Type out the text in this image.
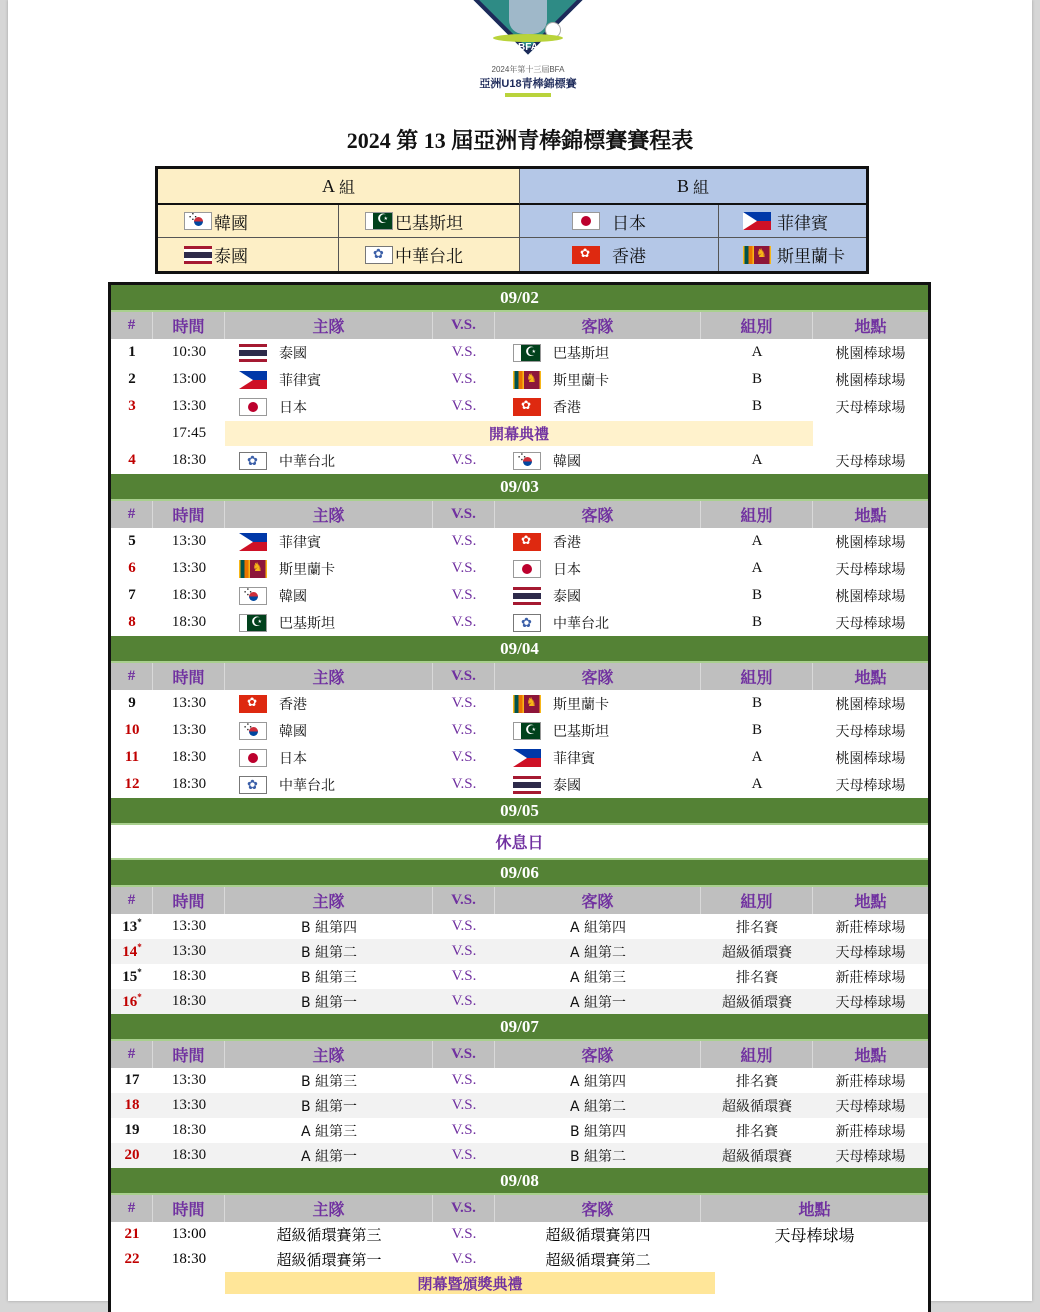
BFA
2024年第十三屆BFA
亞洲U18青棒錦標賽
2024 第 13 屆亞洲青棒錦標賽賽程表
A 組	B 組
⁘
韓國 ☪	巴基斯坦	日本	菲律賓
泰國 ✿	中華台北 ✿	香港 ♞	斯里蘭卡
09/02
#	時間	主隊	V.S.	客隊	組別	地點
1	10:30	泰國	V.S. ☪	巴基斯坦	A	桃園棒球場
2	13:00	菲律賓	V.S. ♞	斯里蘭卡	B	桃園棒球場
3	13:30	日本	V.S. ✿	香港	B	天母棒球場
17:45	開幕典禮
4	18:30 ✿	中華台北	V.S. ⁘	韓國	A	天母棒球場
09/03
#	時間	主隊	V.S.	客隊	組別	地點
5	13:30	菲律賓	V.S. ✿	香港	A	桃園棒球場
6	13:30 ♞	斯里蘭卡	V.S.	日本	A	天母棒球場
7	18:30 ⁘	韓國	V.S.	泰國	B	桃園棒球場
8	18:30 ☪	巴基斯坦	V.S. ✿	中華台北	B	天母棒球場
09/04
#	時間	主隊	V.S.	客隊	組別	地點
9	13:30 ✿	香港	V.S. ♞	斯里蘭卡	B	桃園棒球場
10	13:30 ⁘	韓國	V.S. ☪	巴基斯坦	B	天母棒球場
11	18:30	日本	V.S.	菲律賓	A	桃園棒球場
12	18:30 ✿	中華台北	V.S.	泰國	A	天母棒球場
09/05
休息日
09/06
#	時間	主隊	V.S.	客隊	組別	地點
13*	13:30	B 組第四	V.S.	A 組第四	排名賽	新莊棒球場
14*	13:30	B 組第二	V.S.	A 組第二	超級循環賽	天母棒球場
15*	18:30	B 組第三	V.S.	A 組第三	排名賽	新莊棒球場
16*	18:30	B 組第一	V.S.	A 組第一	超級循環賽	天母棒球場
09/07
#	時間	主隊	V.S.	客隊	組別	地點
17	13:30	B 組第三	V.S.	A 組第四	排名賽	新莊棒球場
18	13:30	B 組第一	V.S.	A 組第二	超級循環賽	天母棒球場
19	18:30	A 組第三	V.S.	B 組第四	排名賽	新莊棒球場
20	18:30	A 組第一	V.S.	B 組第二	超級循環賽	天母棒球場
09/08
#	時間	主隊	V.S.	客隊	地點
21	13:00	超級循環賽第三	V.S.	超級循環賽第四	天母棒球場
22	18:30	超級循環賽第一	V.S.	超級循環賽第二
閉幕暨頒獎典禮
